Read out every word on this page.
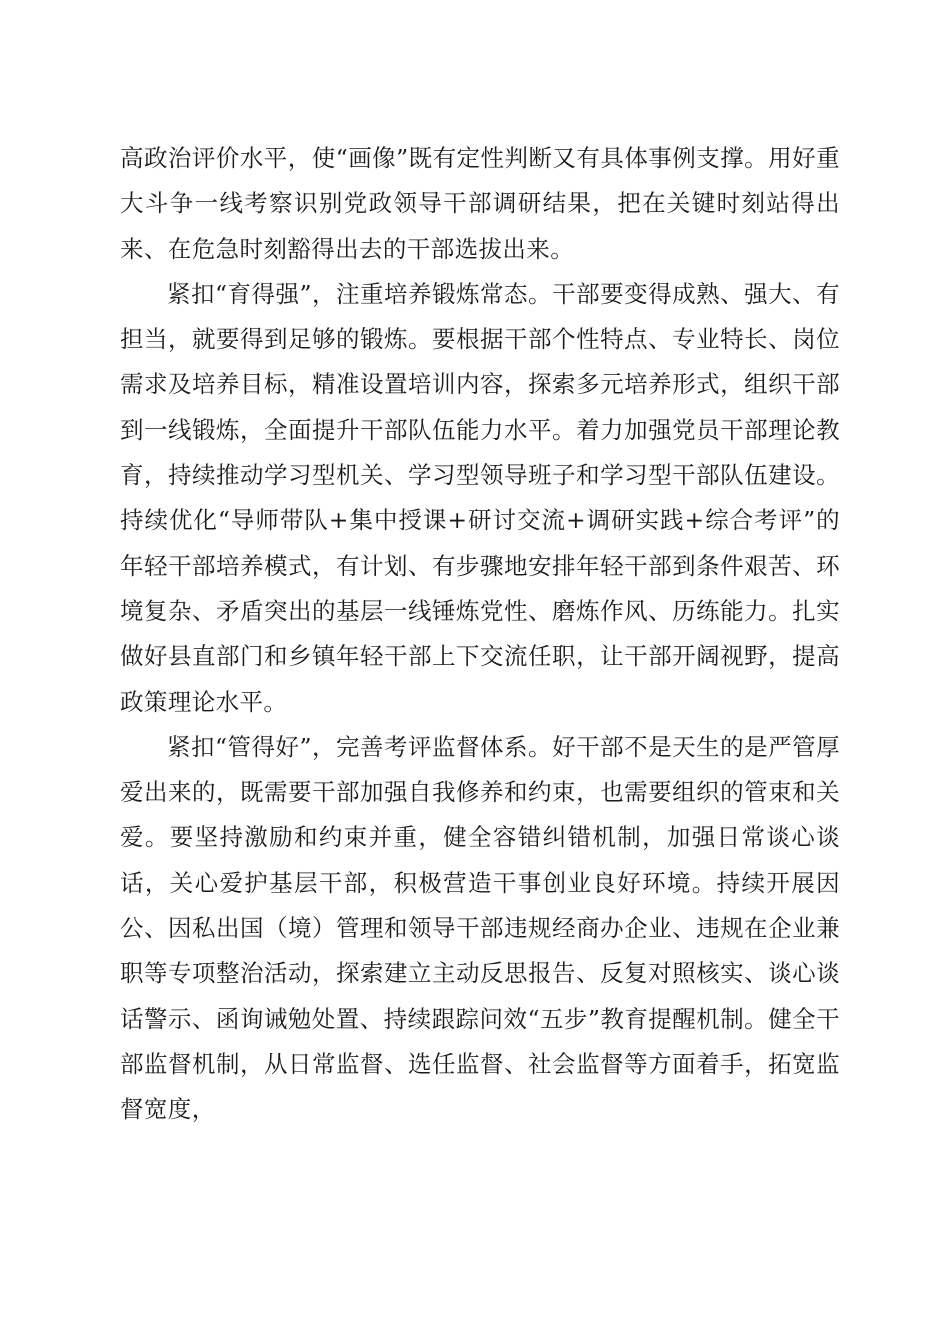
高政治评价水平，使“画像”既有定性判断又有具体事例支撑。用好重大斗争一线考察识别党政领导干部调研结果，把在关键时刻站得出来、在危急时刻豁得出去的干部选拔出来。

紧扣“育得强”，注重培养锻炼常态。干部要变得成熟、强大、有担当，就要得到足够的锻炼。要根据干部个性特点、专业特长、岗位需求及培养目标，精准设置培训内容，探索多元培养形式，组织干部到一线锻炼，全面提升干部队伍能力水平。着力加强党员干部理论教育，持续推动学习型机关、学习型领导班子和学习型干部队伍建设。持续优化“导师带队+集中授课+研讨交流+调研实践+综合考评”的年轻干部培养模式，有计划、有步骤地安排年轻干部到条件艰苦、环境复杂、矛盾突出的基层一线锤炼党性、磨炼作风、历练能力。扎实做好县直部门和乡镇年轻干部上下交流任职，让干部开阔视野，提高政策理论水平。

紧扣“管得好”，完善考评监督体系。好干部不是天生的是严管厚爱出来的，既需要干部加强自我修养和约束，也需要组织的管束和关爱。要坚持激励和约束并重，健全容错纠错机制，加强日常谈心谈话，关心爱护基层干部，积极营造干事创业良好环境。持续开展因公、因私出国（境）管理和领导干部违规经商办企业、违规在企业兼职等专项整治活动，探索建立主动反思报告、反复对照核实、谈心谈话警示、函询诫勉处置、持续跟踪问效“五步”教育提醒机制。健全干部监督机制，从日常监督、选任监督、社会监督等方面着手，拓宽监督宽度，
